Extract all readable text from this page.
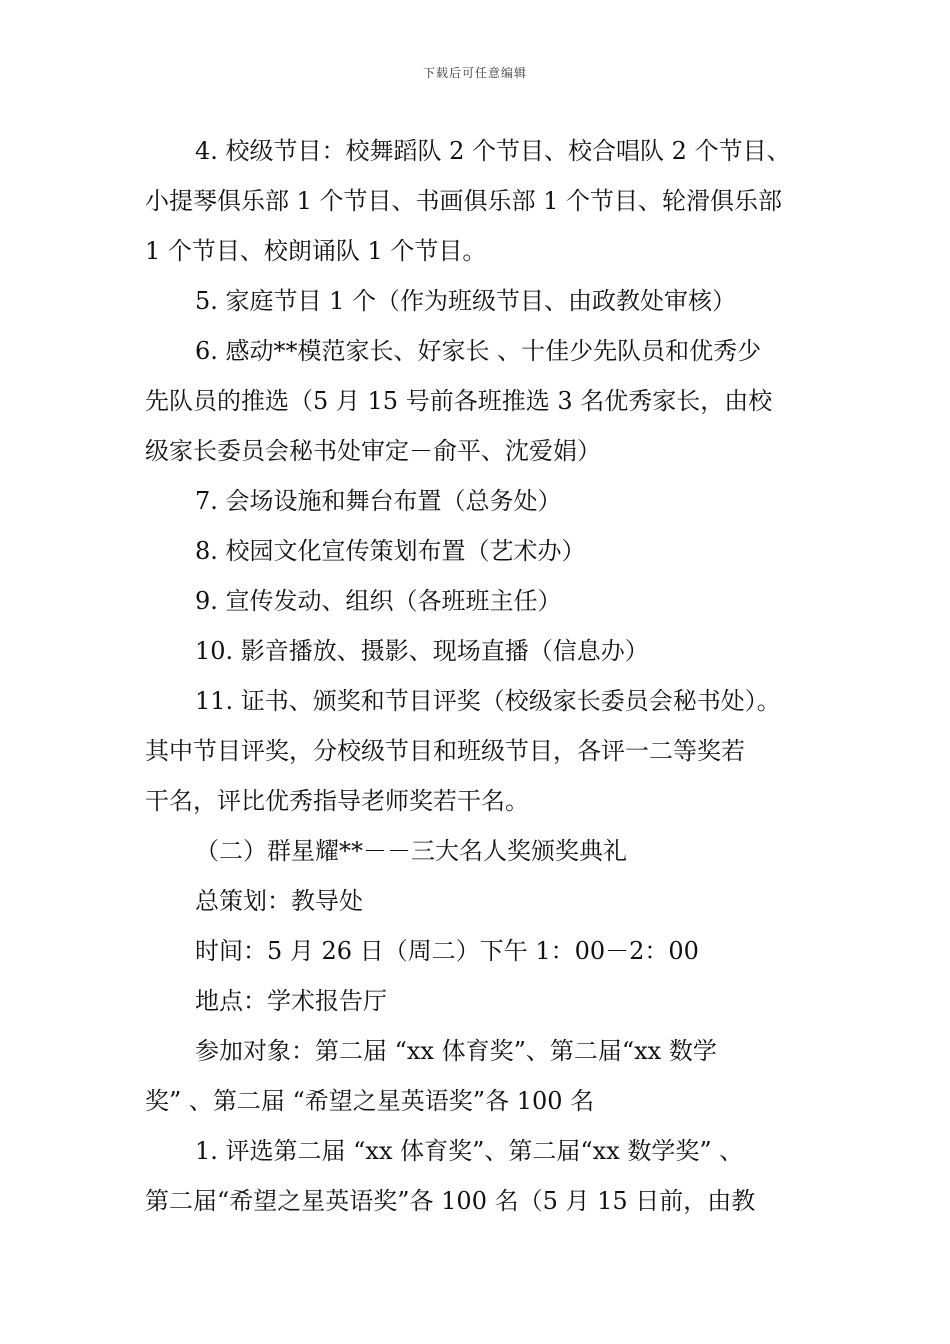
下载后可任意编辑
4. 校级节目：校舞蹈队 2 个节目、校合唱队 2 个节目、
小提琴俱乐部 1 个节目、书画俱乐部 1 个节目、轮滑俱乐部
1 个节目、校朗诵队 1 个节目。
5. 家庭节目 1 个（作为班级节目、由政教处审核）
6. 感动**模范家长、好家长 、十佳少先队员和优秀少
先队员的推选（5 月 15 号前各班推选 3 名优秀家长，由校
级家长委员会秘书处审定－俞平、沈爱娟）
7. 会场设施和舞台布置（总务处）
8. 校园文化宣传策划布置（艺术办）
9. 宣传发动、组织（各班班主任）
10. 影音播放、摄影、现场直播（信息办）
11. 证书、颁奖和节目评奖（校级家长委员会秘书处）。
其中节目评奖，分校级节目和班级节目，各评一二等奖若
干名，评比优秀指导老师奖若干名。
（二）群星耀**－－三大名人奖颁奖典礼
总策划：教导处
时间：5 月 26 日（周二）下午 1：00－2：00
地点：学术报告厅
参加对象：第二届 “xx 体育奖”、第二届“xx 数学
奖” 、第二届 “希望之星英语奖”各 100 名
1. 评选第二届 “xx 体育奖”、第二届“xx 数学奖” 、
第二届“希望之星英语奖”各 100 名（5 月 15 日前，由教
